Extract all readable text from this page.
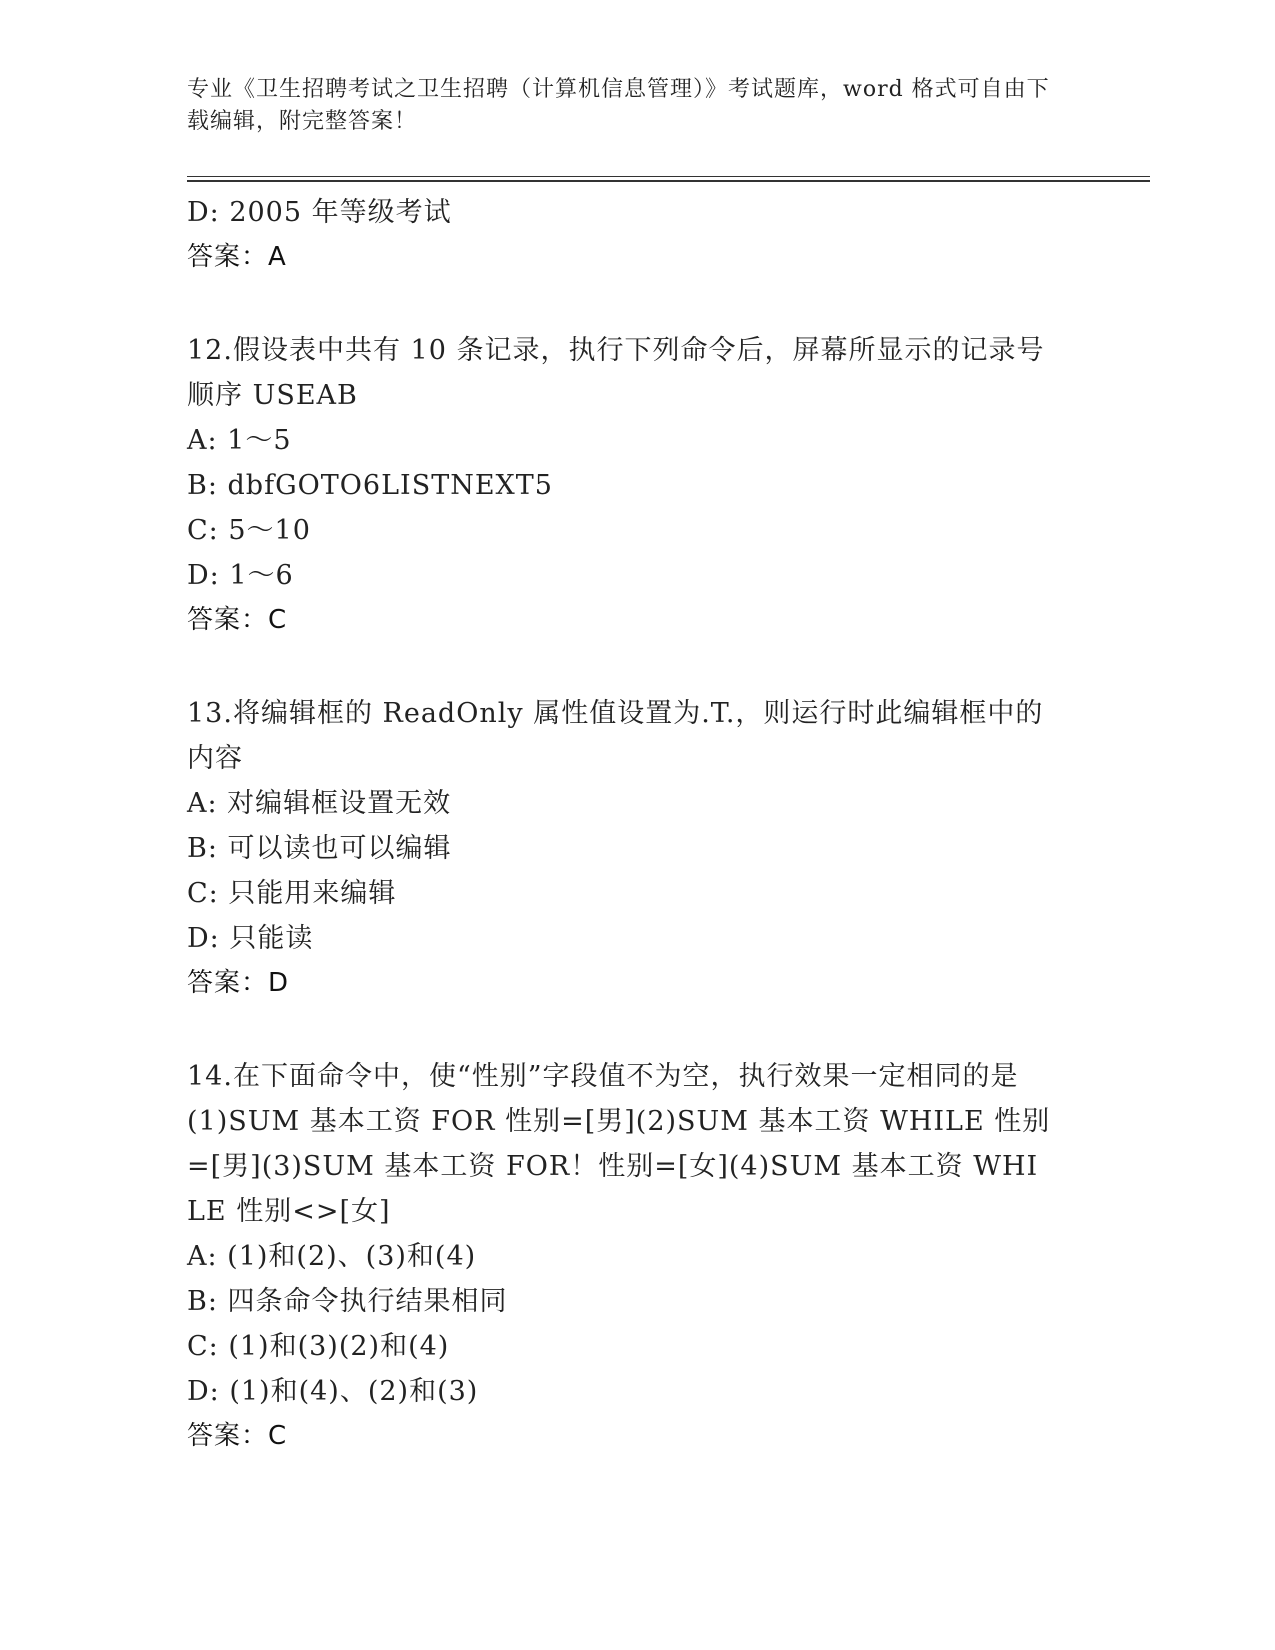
专业《卫生招聘考试之卫生招聘（计算机信息管理）》考试题库，word 格式可自由下载编辑，附完整答案！
D: 2005 年等级考试
答案：A
12.假设表中共有 10 条记录，执行下列命令后，屏幕所显示的记录号顺序 USEAB
A: 1～5
B: dbfGOTO6LISTNEXT5
C: 5～10
D: 1～6
答案：C
13.将编辑框的 ReadOnly 属性值设置为.T.，则运行时此编辑框中的内容
A: 对编辑框设置无效
B: 可以读也可以编辑
C: 只能用来编辑
D: 只能读
答案：D
14.在下面命令中，使“性别”字段值不为空，执行效果一定相同的是(1)SUM 基本工资 FOR 性别=[男](2)SUM 基本工资 WHILE 性别=[男](3)SUM 基本工资 FOR！性别=[女](4)SUM 基本工资 WHILE 性别<>[女]
A: (1)和(2)、(3)和(4)
B: 四条命令执行结果相同
C: (1)和(3)(2)和(4)
D: (1)和(4)、(2)和(3)
答案：C
